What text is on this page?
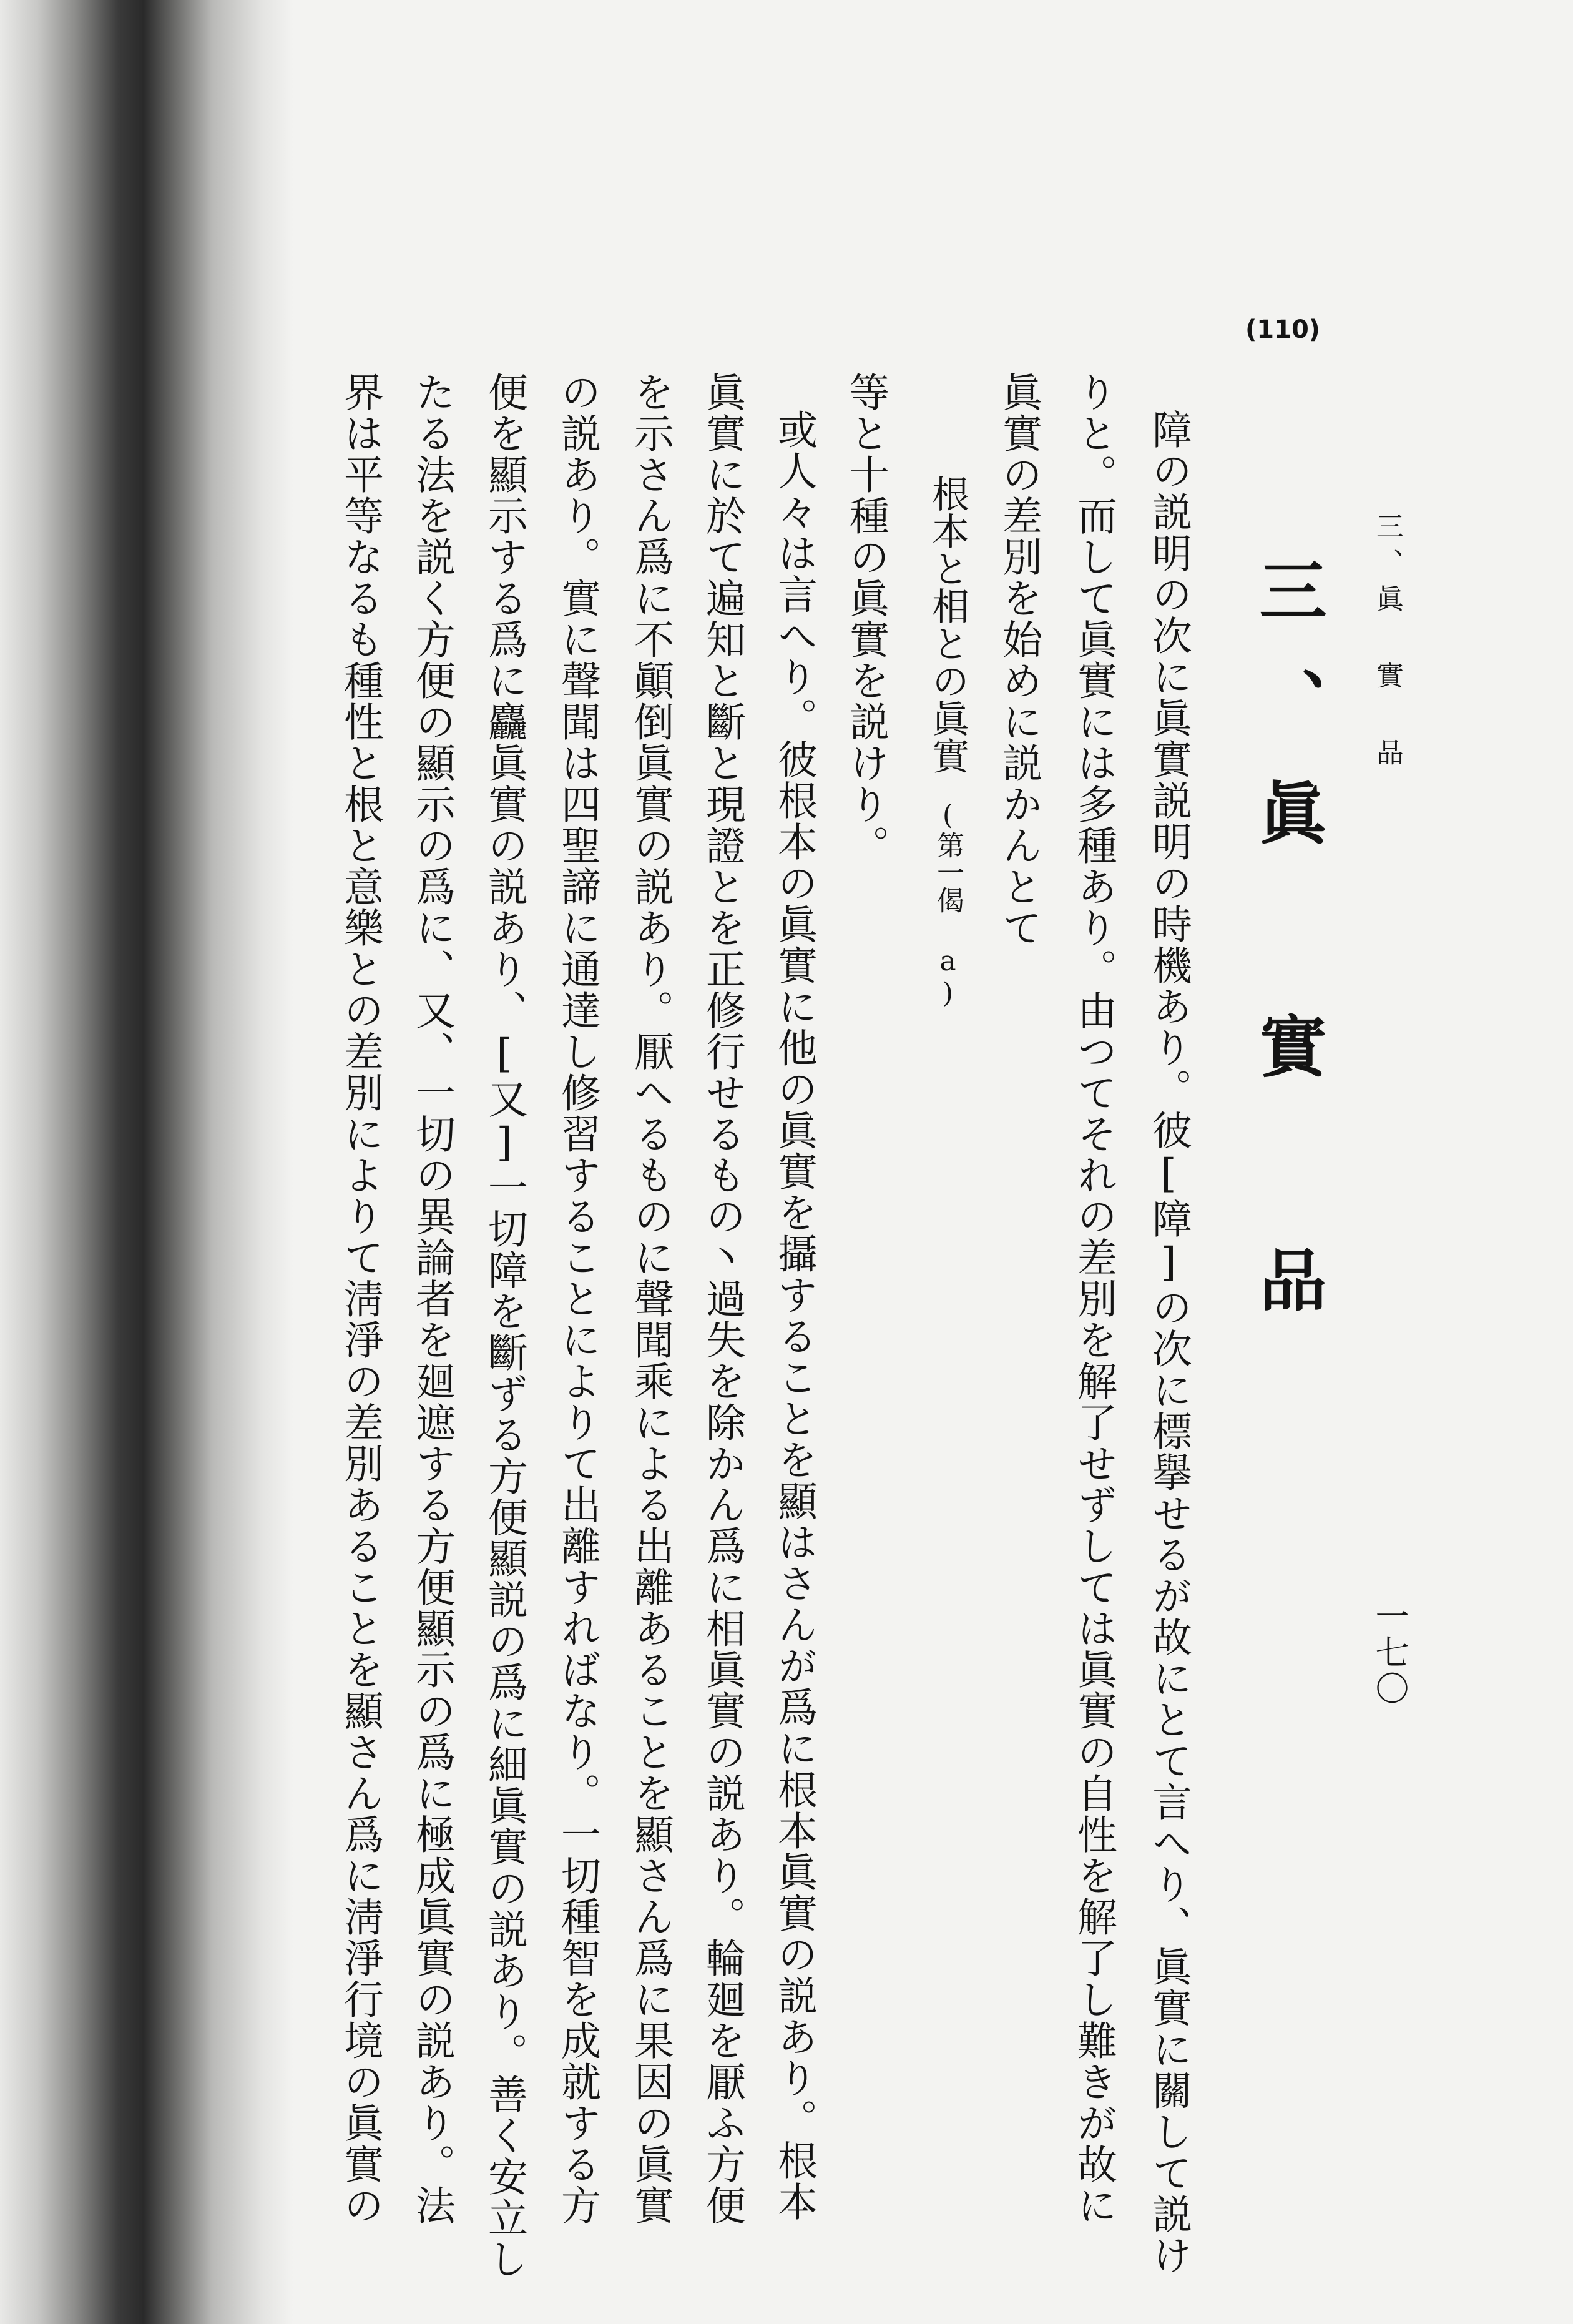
三、眞 實 品
一七〇
(110)
三、眞 實 品
障の説明の次に眞實説明の時機あり。彼[障]の次に標擧せるが故にとて言へり、眞實に關して説け
りと。而して眞實には多種あり。由つてそれの差別を解了せずしては眞實の自性を解了し難きが故に
眞實の差別を始めに説かんとて
根本と相との眞實(第一偈 a)
等と十種の眞實を説けり。
或人々は言へり。彼根本の眞實に他の眞實を攝することを顯はさんが爲に根本眞實の説あり。根本
眞實に於て遍知と斷と現證とを正修行せるもの丶過失を除かん爲に相眞實の説あり。輪廻を厭ふ方便
を示さん爲に不顚倒眞實の説あり。厭へるものに聲聞乘による出離あることを顯さん爲に果因の眞實
の説あり。實に聲聞は四聖諦に通達し修習することによりて出離すればなり。一切種智を成就する方
便を顯示する爲に麤眞實の説あり、[又]一切障を斷ずる方便顯説の爲に細眞實の説あり。善く安立し
たる法を説く方便の顯示の爲に、又、一切の異論者を廻遮する方便顯示の爲に極成眞實の説あり。法
界は平等なるも種性と根と意樂との差別によりて淸淨の差別あることを顯さん爲に淸淨行境の眞實の
